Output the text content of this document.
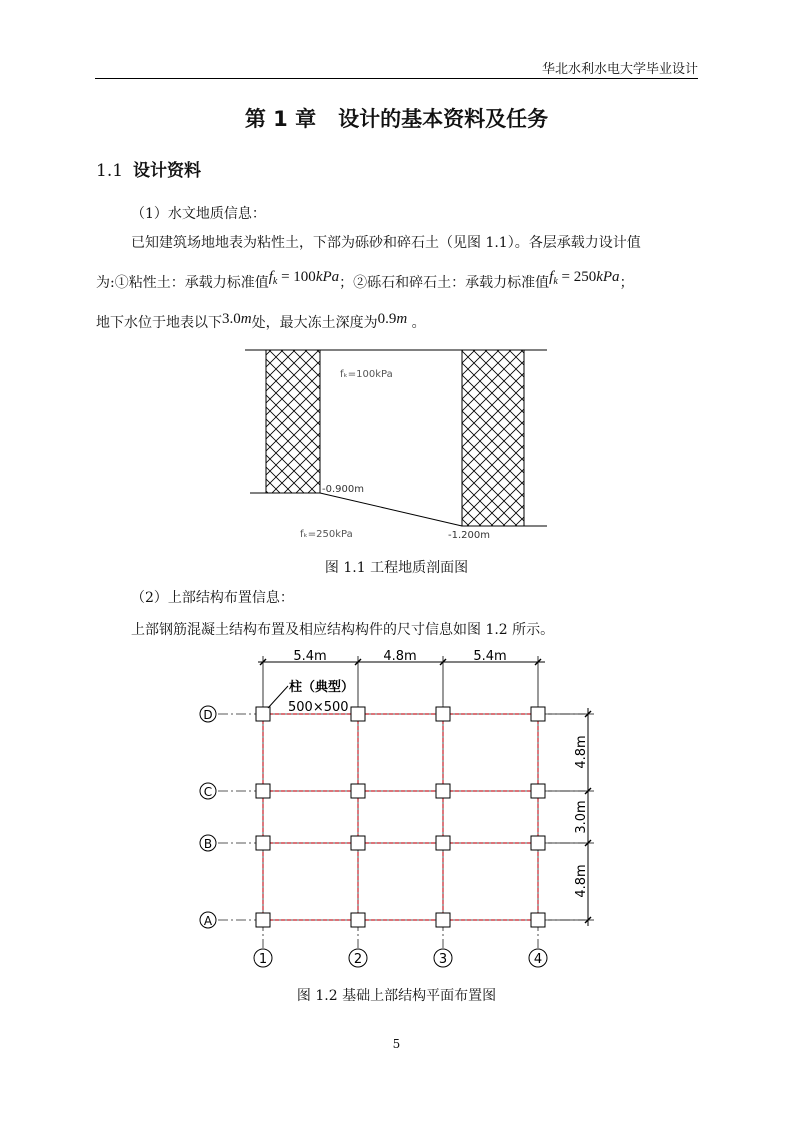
华北水利水电大学毕业设计
第 1 章 设计的基本资料及任务
1.1 设计资料
（1）水文地质信息：
已知建筑场地地表为粘性土，下部为砾砂和碎石土（见图 1.1）。各层承载力设计值
为:①粘性土：承载力标准值$f_k = 100kPa$；②砾石和碎石土：承载力标准值$f_k = 250kPa$；
地下水位于地表以下3.0m处，最大冻土深度为0.9m 。
fₖ=100kPa
-0.900m
fₖ=250kPa	-1.200m
图 1.1 工程地质剖面图
（2）上部结构布置信息：
上部钢筋混凝土结构布置及相应结构构件的尺寸信息如图 1.2 所示。
5.4m	4.8m	5.4m
4.8m
3.0m
4.8m
柱（典型）
500×500
D
C
B
A
1	2	3	4
图 1.2 基础上部结构平面布置图
5
